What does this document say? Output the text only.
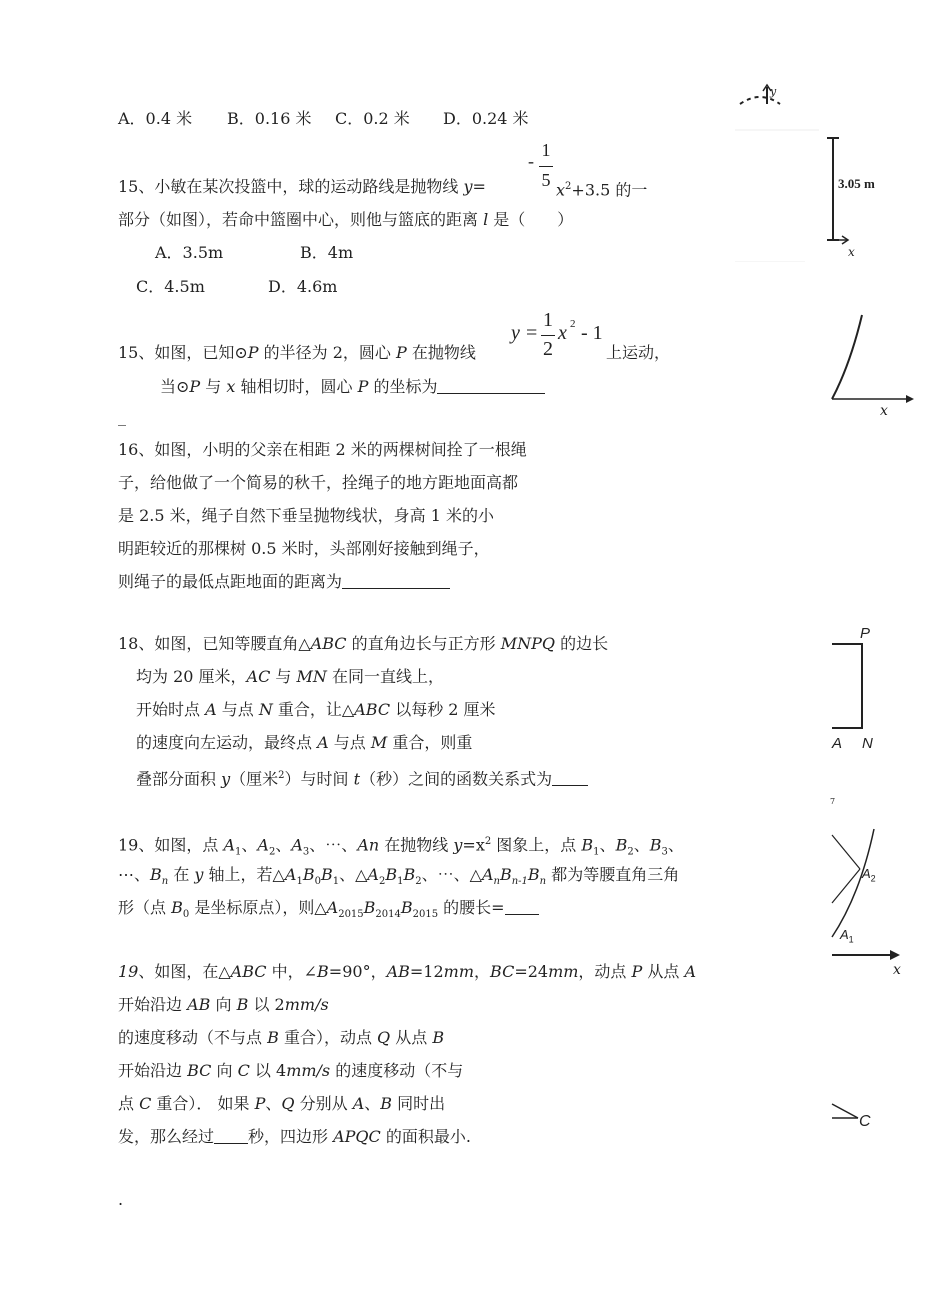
A．0.4 米 B．0.16 米 C．0.2 米 D．0.24 米
15、小敏在某次投篮中，球的运动路线是抛物线 y=
-
1
5 $x^2+3.5$ 的一
部分（如图），若命中篮圈中心，则他与篮底的距离 l 是（　　）
A．3.5m	B．4m
C．4.5m	D．4.6m
y
3.05 m
x
15、如图，已知⊙P 的半径为 2，圆心 P 在抛物线
y =
1
2
x 2 - 1
上运动，
当⊙P 与 x 轴相切时，圆心 P 的坐标为
_	x
16、如图，小明的父亲在相距 2 米的两棵树间拴了一根绳
子，给他做了一个简易的秋千，拴绳子的地方距地面高都
是 2.5 米，绳子自然下垂呈抛物线状，身高 1 米的小
明距较近的那棵树 0.5 米时，头部刚好接触到绳子，
则绳子的最低点距地面的距离为
18、如图，已知等腰直角△ABC 的直角边长与正方形 MNPQ 的边长
均为 20 厘米，AC 与 MN 在同一直线上，
开始时点 A 与点 N 重合，让△ABC 以每秒 2 厘米
的速度向左运动，最终点 A 与点 M 重合，则重
叠部分面积 y（厘米$^2$）与时间 t（秒）之间的函数关系式为
P
A N
7
19、如图，点 $A_1$、$A_2$、$A_3$、⋯、An 在抛物线 $y=x^2$ 图象上，点 $B_1$、$B_2$、$B_3$、
⋯、$B_n$ 在 y 轴上，若$\triangle A_1B_0B_1$、$\triangle A_2B_1B_2$、⋯、$\triangle A_nB_{n-1}B_n$ 都为等腰直角三角
形（点 $B_0$ 是坐标原点），则$\triangle A_{2015}B_{2014}B_{2015}$ 的腰长=
$A_2$
$A_1$
x
19、如图，在△ABC 中，∠B=90°，AB=12mm，BC=24mm，动点 P 从点 A
开始沿边 AB 向 B 以 2mm/s
的速度移动（不与点 B 重合），动点 Q 从点 B
开始沿边 BC 向 C 以 4mm/s 的速度移动（不与
点 C 重合）． 如果 P、Q 分别从 A、B 同时出
发，那么经过 秒，四边形 APQC 的面积最小.
C
.
